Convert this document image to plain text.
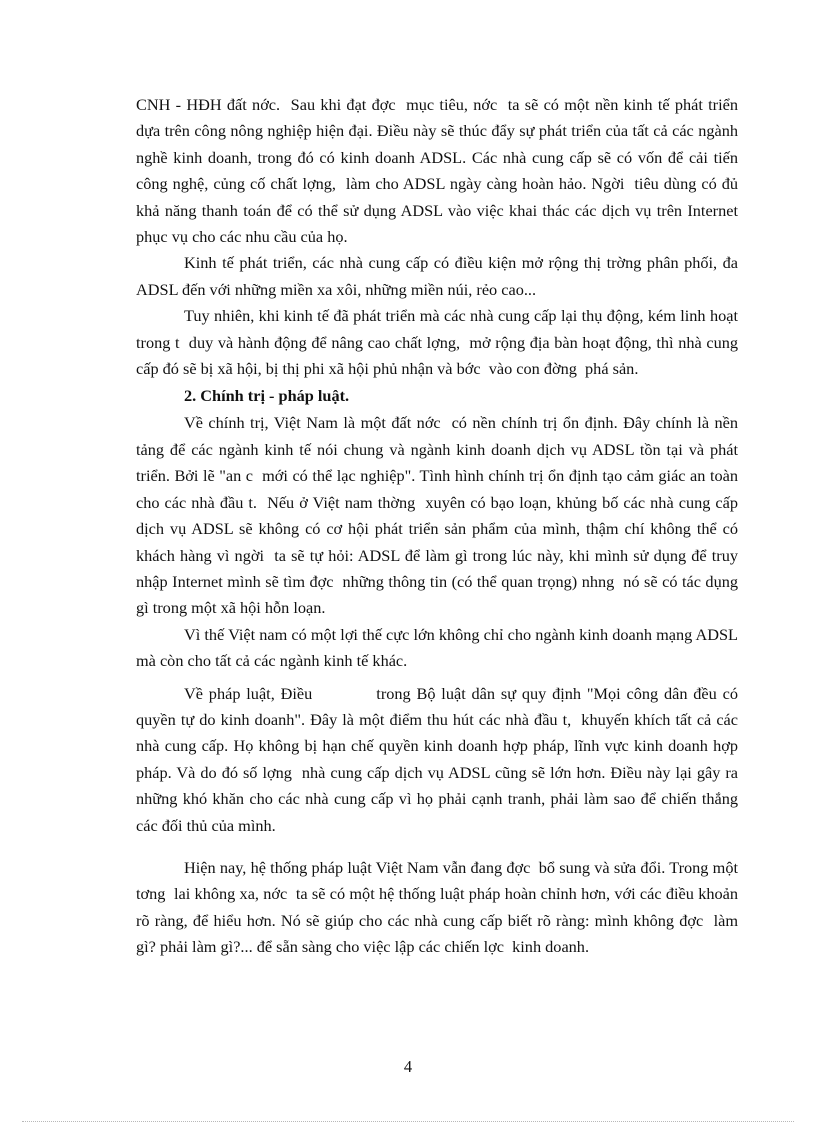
CNH - HĐH đất nớc.  Sau khi đạt đợc  mục tiêu, nớc  ta sẽ có một nền kinh tế phát triển dựa trên công nông nghiệp hiện đại. Điều này sẽ thúc đẩy sự phát triển của tất cả các ngành  nghề kinh doanh, trong đó có kinh doanh ADSL. Các nhà cung cấp sẽ có vốn để cải tiến công nghệ, củng cố chất lợng,  làm cho ADSL ngày càng hoàn hảo. Ngời  tiêu dùng có đủ khả năng thanh toán để có thể sử dụng ADSL vào việc khai thác các dịch vụ trên Internet phục vụ cho các nhu cầu của họ.

Kinh tế phát triển, các nhà cung cấp có điều kiện mở rộng thị trờng phân phối, đa  ADSL đến với những miền xa xôi, những miền núi, rẻo cao...

Tuy nhiên, khi kinh tế đã phát triển mà các nhà cung cấp lại thụ động, kém linh hoạt trong t  duy và hành động để nâng cao chất lợng,  mở rộng địa bàn hoạt động, thì nhà cung cấp đó sẽ bị xã hội, bị thị phi xã hội phủ nhận và bớc  vào con đờng  phá sản.

2. Chính trị - pháp luật.

Về chính trị, Việt Nam là một đất nớc  có nền chính trị ổn định. Đây chính là nền tảng để các ngành kinh tế nói chung và ngành kinh doanh dịch vụ ADSL tồn tại và phát triển. Bởi lẽ "an c  mới có thể lạc nghiệp". Tình hình chính trị ổn định tạo cảm giác an toàn cho các nhà đầu t.  Nếu ở Việt nam thờng  xuyên có bạo loạn, khủng bố các nhà cung cấp dịch vụ ADSL sẽ không có cơ hội phát triển sản phẩm của mình, thậm chí không thể có khách hàng vì ngời  ta sẽ tự hỏi: ADSL để làm gì trong lúc này, khi mình sử dụng để truy nhập Internet mình sẽ tìm đợc  những thông tin (có thể quan trọng) nhng  nó sẽ có tác dụng gì trong một xã hội hỗn loạn.

Vì thế Việt nam có một lợi thế cực lớn không chỉ cho ngành kinh doanh mạng ADSL mà còn cho tất cả các ngành kinh tế khác.

Về pháp luật, Điều           trong Bộ luật dân sự quy định "Mọi công dân đều có quyền tự do kinh doanh". Đây là một điểm thu hút các nhà đầu t,  khuyến khích tất cả các nhà cung cấp. Họ không bị hạn chế quyền kinh doanh hợp pháp, lĩnh vực kinh doanh hợp pháp. Và do đó số lợng  nhà cung cấp dịch vụ ADSL cũng sẽ lớn hơn. Điều này lại gây ra những khó khăn cho các nhà cung cấp vì họ phải cạnh tranh, phải làm sao để chiến thắng các đối thủ của mình.

Hiện nay, hệ thống pháp luật Việt Nam vẫn đang đợc  bổ sung và sửa đổi. Trong một tơng  lai không xa, nớc  ta sẽ có một hệ thống luật pháp hoàn chỉnh hơn, với các điều khoản rõ ràng, để hiểu hơn. Nó sẽ giúp cho các nhà cung cấp biết rõ ràng: mình không đợc  làm gì? phải làm gì?... để sẵn sàng cho việc lập các chiến lợc  kinh doanh.

4
